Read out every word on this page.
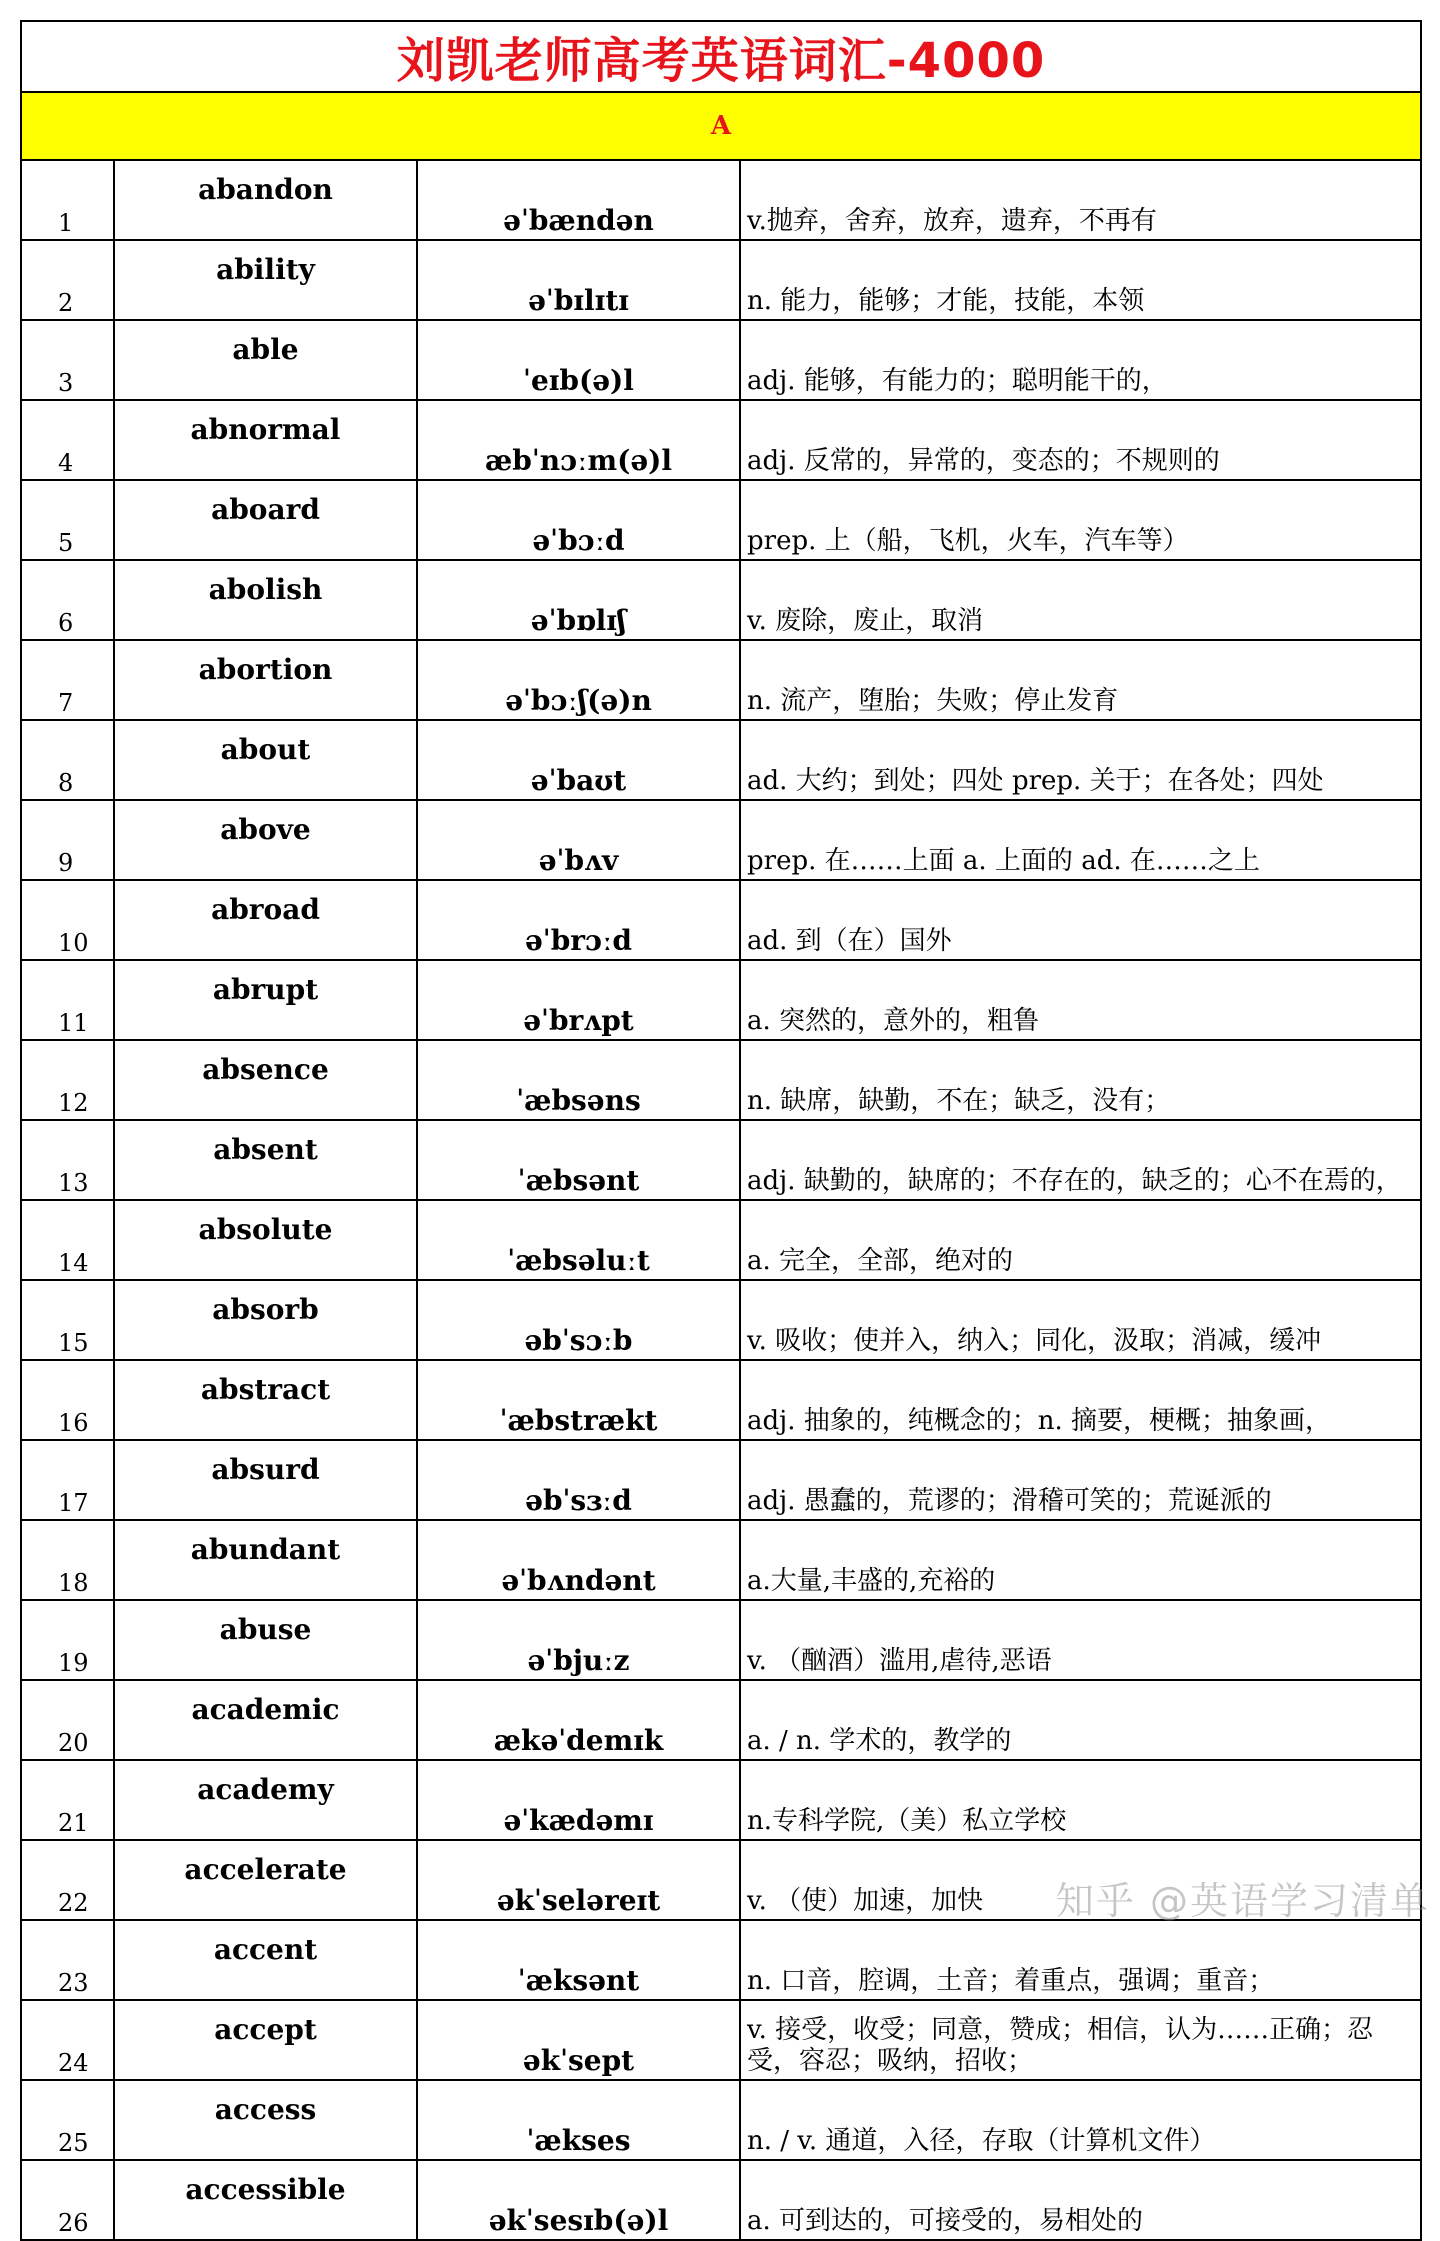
刘凯老师高考英语词汇-4000			
A			
1	abandon	əˈbændən	v.抛弃，舍弃，放弃，遗弃，不再有
2	ability	əˈbɪlɪtɪ	n. 能力，能够；才能，技能，本领
3	able	ˈeɪb(ə)l	adj. 能够，有能力的；聪明能干的，
4	abnormal	æbˈnɔːm(ə)l	adj. 反常的，异常的，变态的；不规则的
5	aboard	əˈbɔːd	prep. 上（船，飞机，火车，汽车等）
6	abolish	əˈbɒlɪʃ	v. 废除，废止，取消
7	abortion	əˈbɔːʃ(ə)n	n. 流产，堕胎；失败；停止发育
8	about	əˈbaʊt	ad. 大约；到处；四处 prep. 关于；在各处；四处
9	above	əˈbʌv	prep. 在……上面 a. 上面的 ad. 在……之上
10	abroad	əˈbrɔːd	ad. 到（在）国外
11	abrupt	əˈbrʌpt	a. 突然的，意外的，粗鲁
12	absence	ˈæbsəns	n. 缺席，缺勤，不在；缺乏，没有；
13	absent	ˈæbsənt	adj. 缺勤的，缺席的；不存在的，缺乏的；心不在焉的，
14	absolute	ˈæbsəluːt	a. 完全，全部，绝对的
15	absorb	əbˈsɔːb	v. 吸收；使并入，纳入；同化，汲取；消减，缓冲
16	abstract	ˈæbstrækt	adj. 抽象的，纯概念的；n. 摘要，梗概；抽象画，
17	absurd	əbˈsɜːd	adj. 愚蠢的，荒谬的；滑稽可笑的；荒诞派的
18	abundant	əˈbʌndənt	a.大量,丰盛的,充裕的
19	abuse	əˈbjuːz	v. （酗酒）滥用,虐待,恶语
20	academic	ækəˈdemɪk	a. / n. 学术的，教学的
21	academy	əˈkædəmɪ	n.专科学院,（美）私立学校
22	accelerate	əkˈseləreɪt	v. （使）加速，加快
23	accent	ˈæksənt	n. 口音，腔调，土音；着重点，强调；重音；
24	accept	əkˈsept	v. 接受，收受；同意，赞成；相信，认为……正确；忍受，容忍；吸纳，招收；
25	access	ˈækses	n. / v. 通道，入径，存取（计算机文件）
26	accessible	əkˈsesɪb(ə)l	a. 可到达的，可接受的，易相处的
知乎 @英语学习清单
